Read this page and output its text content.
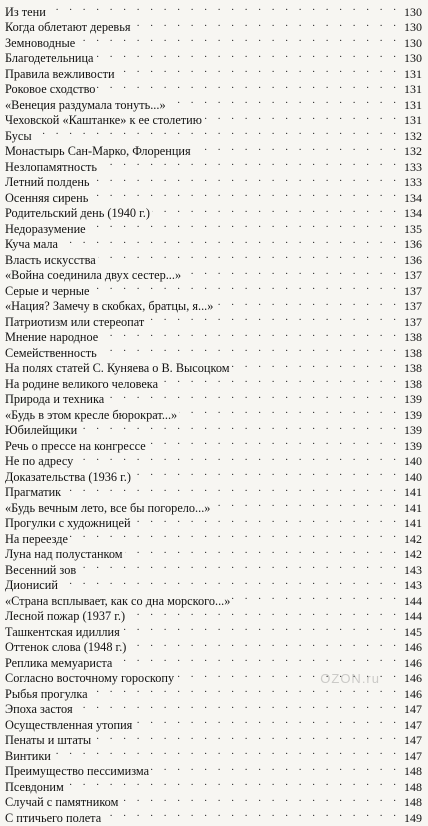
Из тени . . .	130
Когда облетают деревья . . .	130
Земноводные . . .	130
Благодетельница . . .	130
Правила вежливости . . .	131
Роковое сходство . . .	131
«Венеция раздумала тонуть...» . . .	131
Чеховской «Каштанке» к ее столетию . . .	131
Бусы . . .	132
Монастырь Сан-Марко, Флоренция . . .	132
Незлопамятность . . .	133
Летний полдень . . .	133
Осенняя сирень . . .	134
Родительский день (1940 г.) . . .	134
Недоразумение . . .	135
Куча мала . . .	136
Власть искусства . . .	136
«Война соединила двух сестер...» . . .	137
Серые и черные . . .	137
«Нация? Замечу в скобках, братцы, я...» . . .	137
Патриотизм или стереопат . . .	137
Мнение народное . . .	138
Семейственность . . .	138
На полях статей С. Куняева о В. Высоцком . . .	138
На родине великого человека . . .	138
Природа и техника . . .	139
«Будь в этом кресле бюрократ...» . . .	139
Юбилейщики . . .	139
Речь о прессе на конгрессе . . .	139
Не по адресу . . .	140
Доказательства (1936 г.) . . .	140
Прагматик . . .	141
«Будь вечным лето, все бы погорело...» . . .	141
Прогулки с художницей . . .	141
На переезде . . .	142
Луна над полустанком . . .	142
Весенний зов . . .	143
Дионисий . . .	143
«Страна всплывает, как со дна морского...» . . .	144
Лесной пожар (1937 г.) . . .	144
Ташкентская идиллия . . .	145
Оттенок слова (1948 г.) . . .	146
Реплика мемуариста . . .	146
Согласно восточному гороскопу . . .	146
Рыбья прогулка . . .	146
Эпоха застоя . . .	147
Осуществленная утопия . . .	147
Пенаты и штаты . . .	147
Винтики . . .	147
Преимущество пессимизма . . .	148
Псевдоним . . .	148
Случай с памятником . . .	148
С птичьего полета . . .	149
OZON.ru
